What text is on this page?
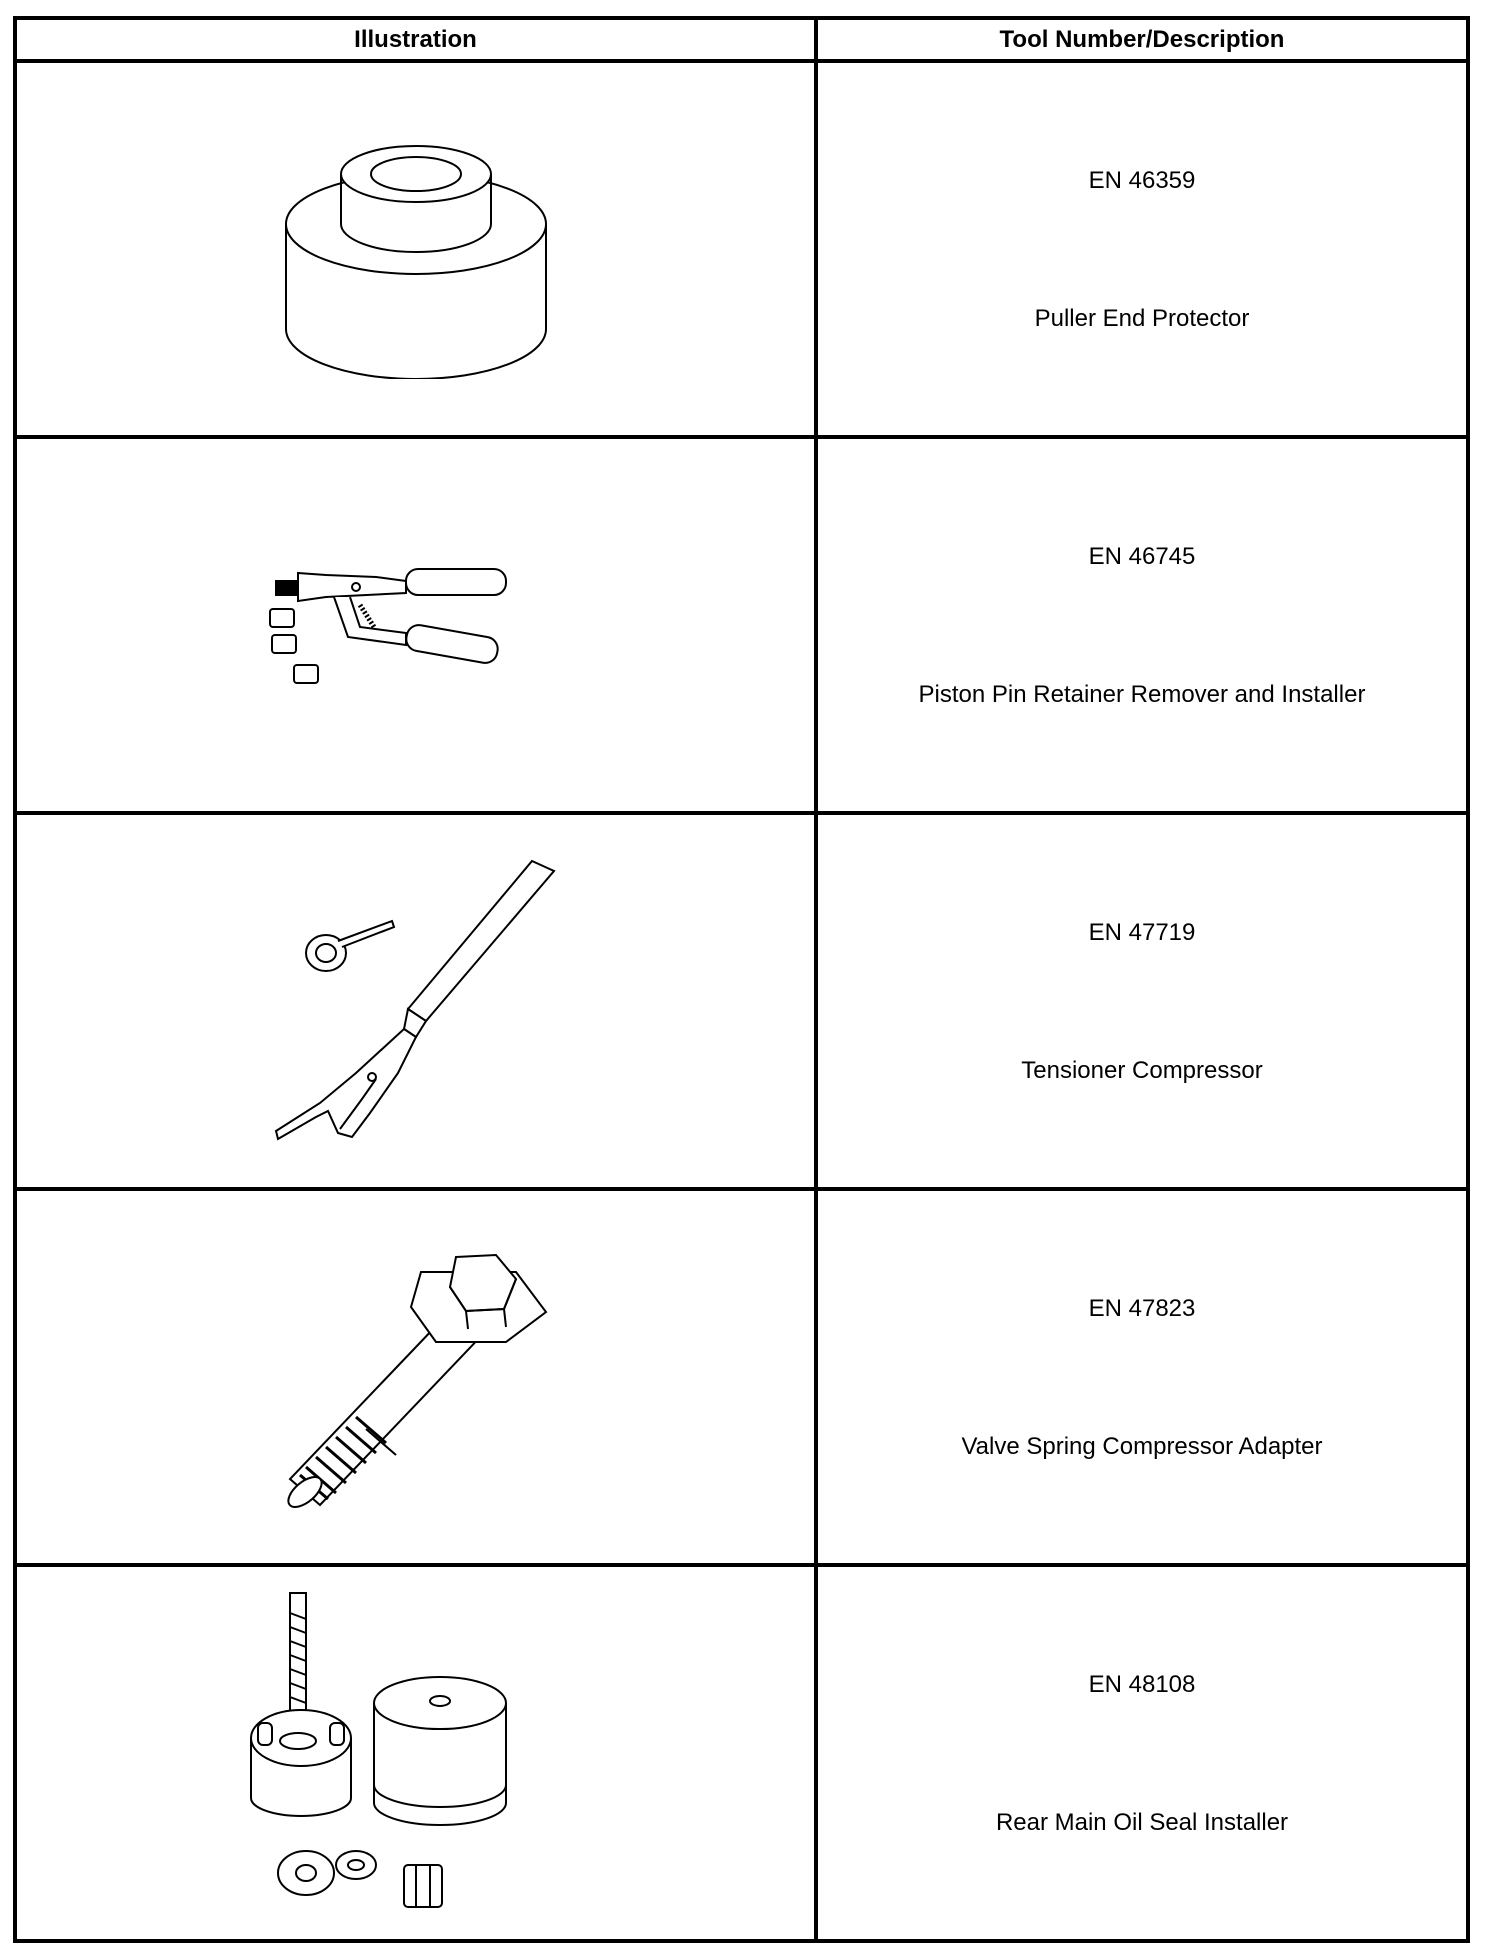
Illustration	Tool Number/Description

EN 46359
Puller End Protector

EN 46745
Piston Pin Retainer Remover and Installer

EN 47719
Tensioner Compressor

EN 47823
Valve Spring Compressor Adapter

EN 48108
Rear Main Oil Seal Installer
